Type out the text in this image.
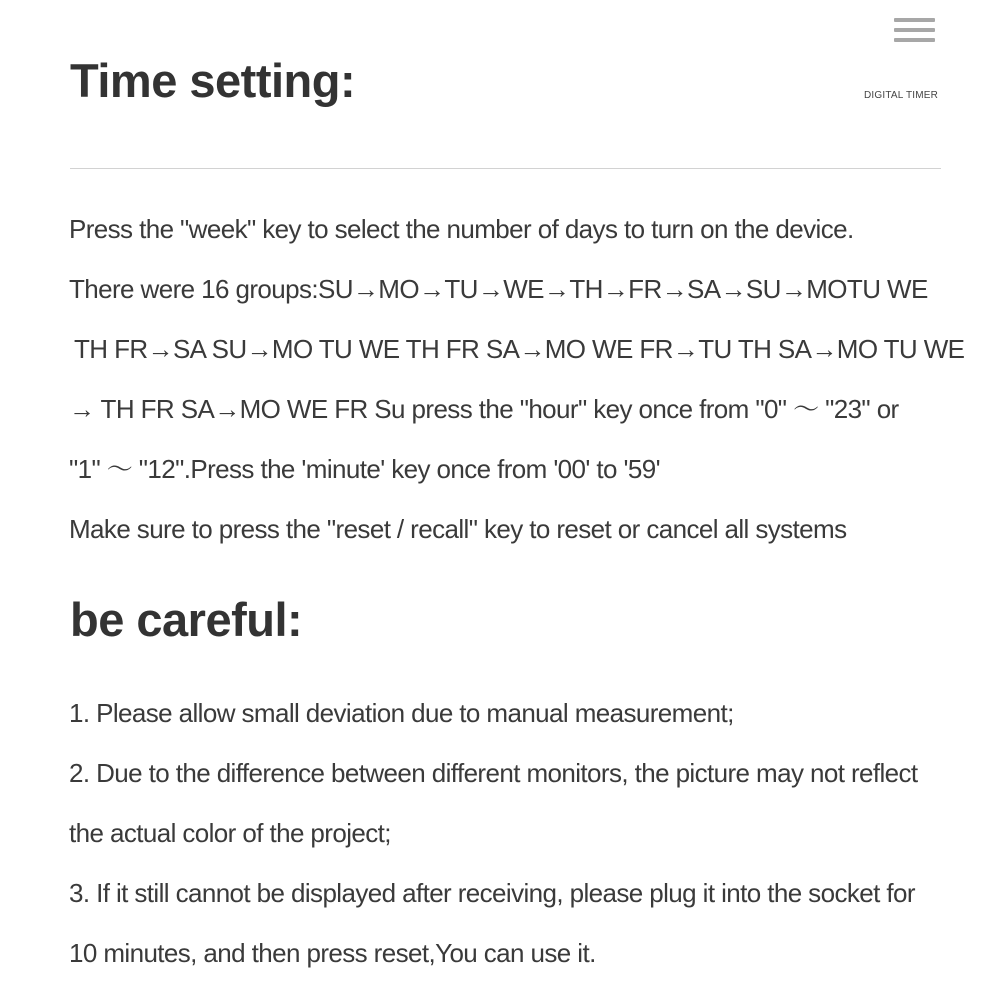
DIGITAL TIMER
Time setting:
Press the "week" key to select the number of days to turn on the device.
There were 16 groups:SU→MO→TU→WE→TH→FR→SA→SU→MOTU WE
TH FR→SA SU→MO TU WE TH FR SA→MO WE FR→TU TH SA→MO TU WE
→ TH FR SA→MO WE FR Su press the "hour" key once from "0" ～ "23" or
"1" ～ "12".Press the 'minute' key once from '00' to '59'
Make sure to press the "reset / recall" key to reset or cancel all systems
be careful:
1. Please allow small deviation due to manual measurement;
2. Due to the difference between different monitors, the picture may not reflect
the actual color of the project;
3. If it still cannot be displayed after receiving, please plug it into the socket for
10 minutes, and then press reset,You can use it.
